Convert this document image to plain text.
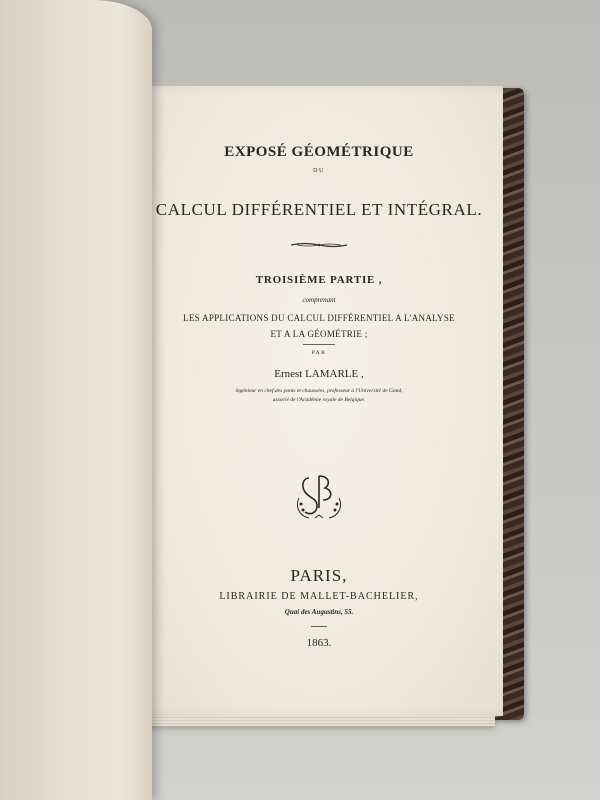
EXPOSÉ GÉOMÉTRIQUE
DU
CALCUL DIFFÉRENTIEL ET INTÉGRAL.
TROISIÈME PARTIE ,
comprenant
LES APPLICATIONS DU CALCUL DIFFÉRENTIEL A L'ANALYSE
ET A LA GÉOMÉTRIE ;
PAR
Ernest LAMARLE ,
ingénieur en chef des ponts et chaussées, professeur à l'Université de Gand,
associé de l'Académie royale de Belgique.
PARIS,
LIBRAIRIE DE MALLET-BACHELIER,
Quai des Augustins, 55.
1863.
